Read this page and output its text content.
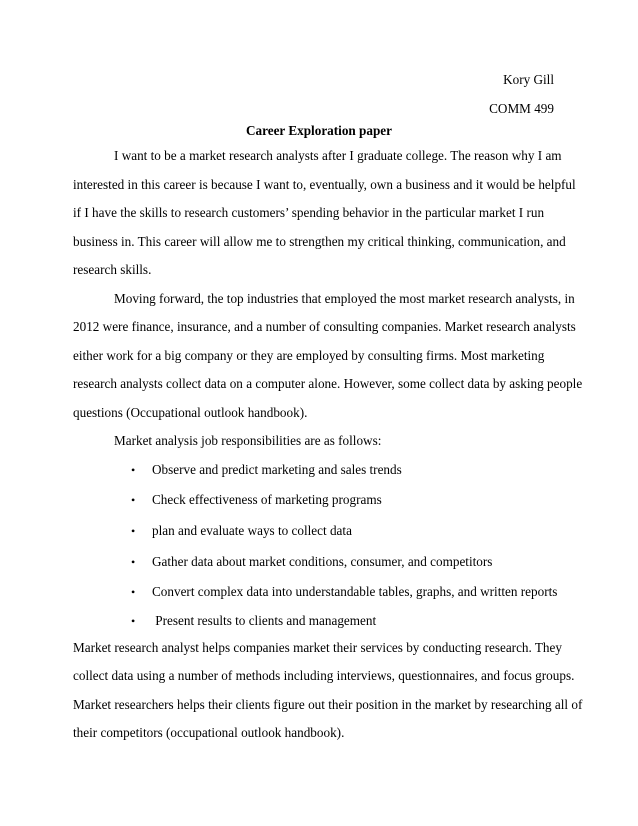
Kory Gill
COMM 499
Career Exploration paper
I want to be a market research analysts after I graduate college. The reason why I am
interested in this career is because I want to, eventually, own a business and it would be helpful
if I have the skills to research customers’ spending behavior in the particular market I run
business in. This career will allow me to strengthen my critical thinking, communication, and
research skills.
Moving forward, the top industries that employed the most market research analysts, in
2012 were finance, insurance, and a number of consulting companies. Market research analysts
either work for a big company or they are employed by consulting firms. Most marketing
research analysts collect data on a computer alone. However, some collect data by asking people
questions (Occupational outlook handbook).
Market analysis job responsibilities are as follows:
• Observe and predict marketing and sales trends
• Check effectiveness of marketing programs
• plan and evaluate ways to collect data
• Gather data about market conditions, consumer, and competitors
• Convert complex data into understandable tables, graphs, and written reports
• Present results to clients and management
Market research analyst helps companies market their services by conducting research. They
collect data using a number of methods including interviews, questionnaires, and focus groups.
Market researchers helps their clients figure out their position in the market by researching all of
their competitors (occupational outlook handbook).
